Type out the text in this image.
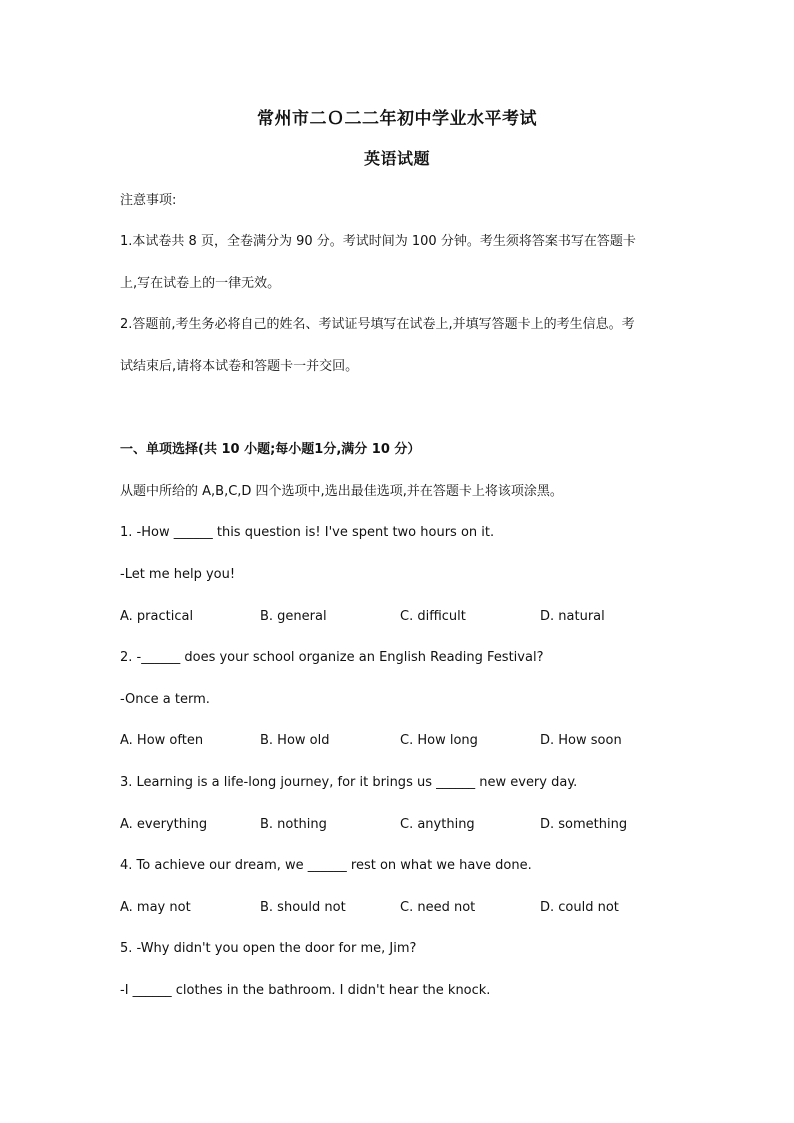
常州市二Ｏ二二年初中学业水平考试
英语试题
注意事项:
1.本试卷共 8 页，全卷满分为 90 分。考试时间为 100 分钟。考生须将答案书写在答题卡
上,写在试卷上的一律无效。
2.答题前,考生务必将自己的姓名、考试证号填写在试卷上,并填写答题卡上的考生信息。考
试结束后,请将本试卷和答题卡一并交回。
一、单项选择(共 10 小题;每小题1分,满分 10 分）
从题中所给的 A,B,C,D 四个选项中,选出最佳选项,并在答题卡上将该项涂黑。
1. -How ______ this question is! I've spent two hours on it.
-Let me help you!
A. practical	B. general	C. difficult	D. natural
2. -______ does your school organize an English Reading Festival?
-Once a term.
A. How often	B. How old	C. How long	D. How soon
3. Learning is a life-long journey, for it brings us ______ new every day.
A. everything	B. nothing	C. anything	D. something
4. To achieve our dream, we ______ rest on what we have done.
A. may not	B. should not	C. need not	D. could not
5. -Why didn't you open the door for me, Jim?
-I ______ clothes in the bathroom. I didn't hear the knock.
